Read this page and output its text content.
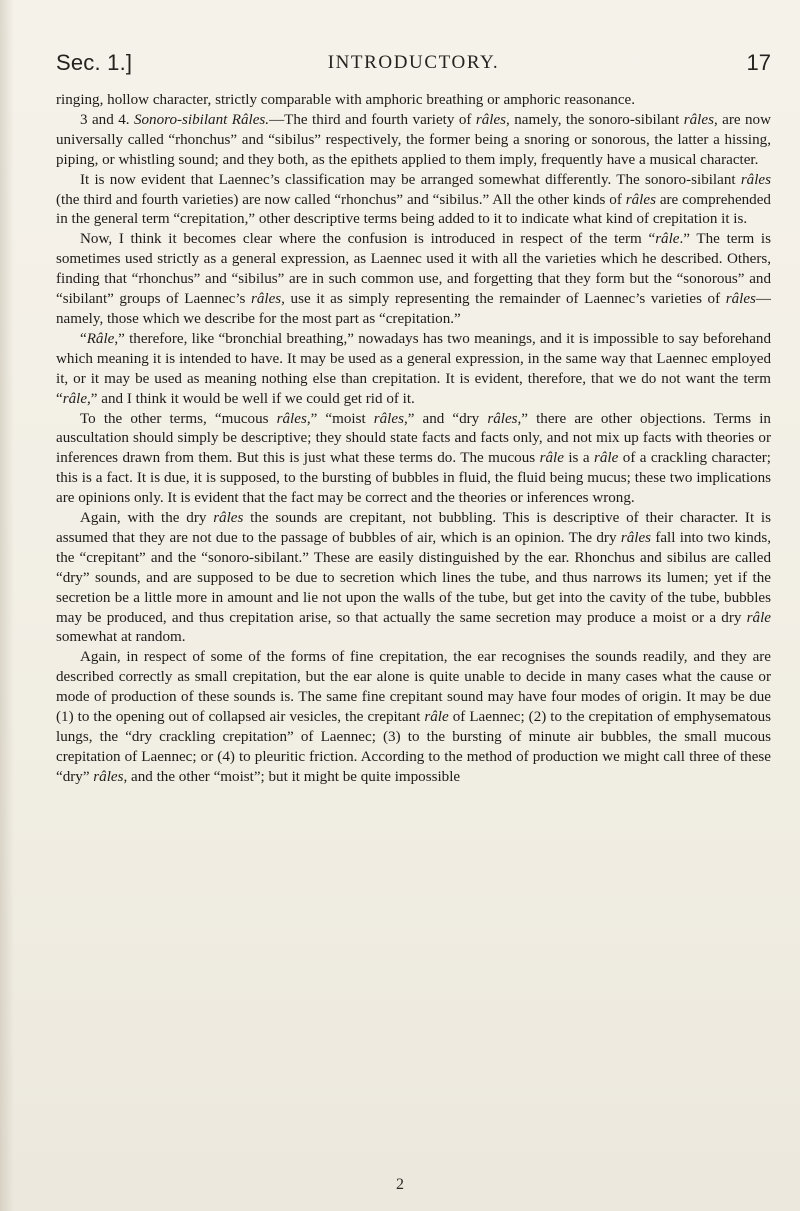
Sec. 1.]	INTRODUCTORY.	17

ringing, hollow character, strictly comparable with amphoric breathing or amphoric reasonance.

3 and 4. Sonoro-sibilant Râles.—The third and fourth variety of râles, namely, the sonoro-sibilant râles, are now universally called “rhonchus” and “sibilus” respectively, the former being a snoring or sonorous, the latter a hissing, piping, or whistling sound; and they both, as the epithets applied to them imply, frequently have a musical character.

It is now evident that Laennec’s classification may be arranged somewhat differently. The sonoro-sibilant râles (the third and fourth varieties) are now called “rhonchus” and “sibilus.” All the other kinds of râles are comprehended in the general term “crepitation,” other descriptive terms being added to it to indicate what kind of crepitation it is.

Now, I think it becomes clear where the confusion is introduced in respect of the term “râle.” The term is sometimes used strictly as a general expression, as Laennec used it with all the varieties which he described. Others, finding that “rhonchus” and “sibilus” are in such common use, and forgetting that they form but the “sonorous” and “sibilant” groups of Laennec’s râles, use it as simply representing the remainder of Laennec’s varieties of râles—namely, those which we describe for the most part as “crepitation.”

“Râle,” therefore, like “bronchial breathing,” nowadays has two meanings, and it is impossible to say beforehand which meaning it is intended to have. It may be used as a general expression, in the same way that Laennec employed it, or it may be used as meaning nothing else than crepitation. It is evident, therefore, that we do not want the term “râle,” and I think it would be well if we could get rid of it.

To the other terms, “mucous râles,” “moist râles,” and “dry râles,” there are other objections. Terms in auscultation should simply be descriptive; they should state facts and facts only, and not mix up facts with theories or inferences drawn from them. But this is just what these terms do. The mucous râle is a râle of a crackling character; this is a fact. It is due, it is supposed, to the bursting of bubbles in fluid, the fluid being mucus; these two implications are opinions only. It is evident that the fact may be correct and the theories or inferences wrong.

Again, with the dry râles the sounds are crepitant, not bubbling. This is descriptive of their character. It is assumed that they are not due to the passage of bubbles of air, which is an opinion. The dry râles fall into two kinds, the “crepitant” and the “sonoro-sibilant.” These are easily distinguished by the ear. Rhonchus and sibilus are called “dry” sounds, and are supposed to be due to secretion which lines the tube, and thus narrows its lumen; yet if the secretion be a little more in amount and lie not upon the walls of the tube, but get into the cavity of the tube, bubbles may be produced, and thus crepitation arise, so that actually the same secretion may produce a moist or a dry râle somewhat at random.

Again, in respect of some of the forms of fine crepitation, the ear recognises the sounds readily, and they are described correctly as small crepitation, but the ear alone is quite unable to decide in many cases what the cause or mode of production of these sounds is. The same fine crepitant sound may have four modes of origin. It may be due (1) to the opening out of collapsed air vesicles, the crepitant râle of Laennec; (2) to the crepitation of emphysematous lungs, the “dry crackling crepitation” of Laennec; (3) to the bursting of minute air bubbles, the small mucous crepitation of Laennec; or (4) to pleuritic friction. According to the method of production we might call three of these “dry” râles, and the other “moist”; but it might be quite impossible

2
